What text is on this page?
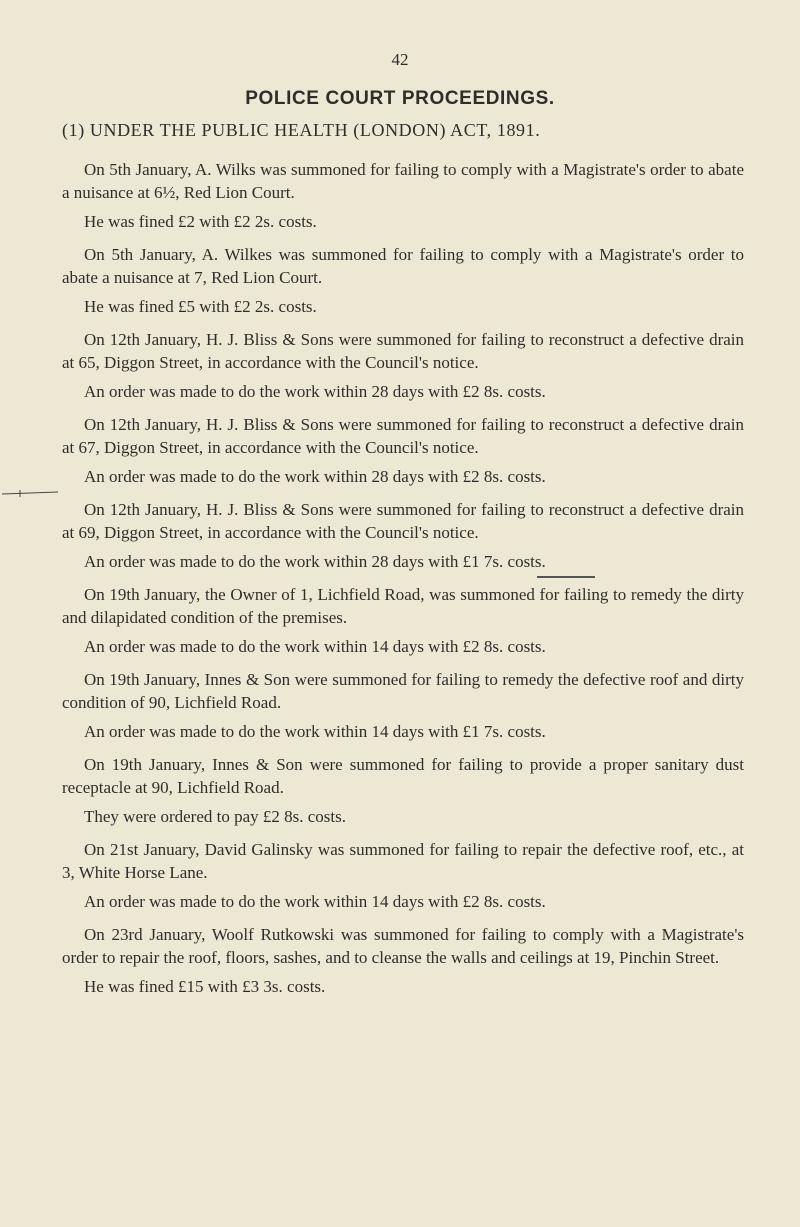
42
POLICE COURT PROCEEDINGS.
(1) UNDER THE PUBLIC HEALTH (LONDON) ACT, 1891.

On 5th January, A. Wilks was summoned for failing to comply with a Magistrate's order to abate a nuisance at 6½, Red Lion Court.

He was fined £2 with £2 2s. costs.

On 5th January, A. Wilkes was summoned for failing to comply with a Magistrate's order to abate a nuisance at 7, Red Lion Court.

He was fined £5 with £2 2s. costs.

On 12th January, H. J. Bliss & Sons were summoned for failing to reconstruct a defective drain at 65, Diggon Street, in accordance with the Council's notice.

An order was made to do the work within 28 days with £2 8s. costs.

On 12th January, H. J. Bliss & Sons were summoned for failing to reconstruct a defective drain at 67, Diggon Street, in accordance with the Council's notice.

An order was made to do the work within 28 days with £2 8s. costs.

On 12th January, H. J. Bliss & Sons were summoned for failing to reconstruct a defective drain at 69, Diggon Street, in accordance with the Council's notice.

An order was made to do the work within 28 days with £1 7s. costs.

On 19th January, the Owner of 1, Lichfield Road, was summoned for failing to remedy the dirty and dilapidated condition of the premises.

An order was made to do the work within 14 days with £2 8s. costs.

On 19th January, Innes & Son were summoned for failing to remedy the defective roof and dirty condition of 90, Lichfield Road.

An order was made to do the work within 14 days with £1 7s. costs.

On 19th January, Innes & Son were summoned for failing to provide a proper sanitary dust receptacle at 90, Lichfield Road.

They were ordered to pay £2 8s. costs.

On 21st January, David Galinsky was summoned for failing to repair the defective roof, etc., at 3, White Horse Lane.

An order was made to do the work within 14 days with £2 8s. costs.

On 23rd January, Woolf Rutkowski was summoned for failing to comply with a Magistrate's order to repair the roof, floors, sashes, and to cleanse the walls and ceilings at 19, Pinchin Street.

He was fined £15 with £3 3s. costs.
